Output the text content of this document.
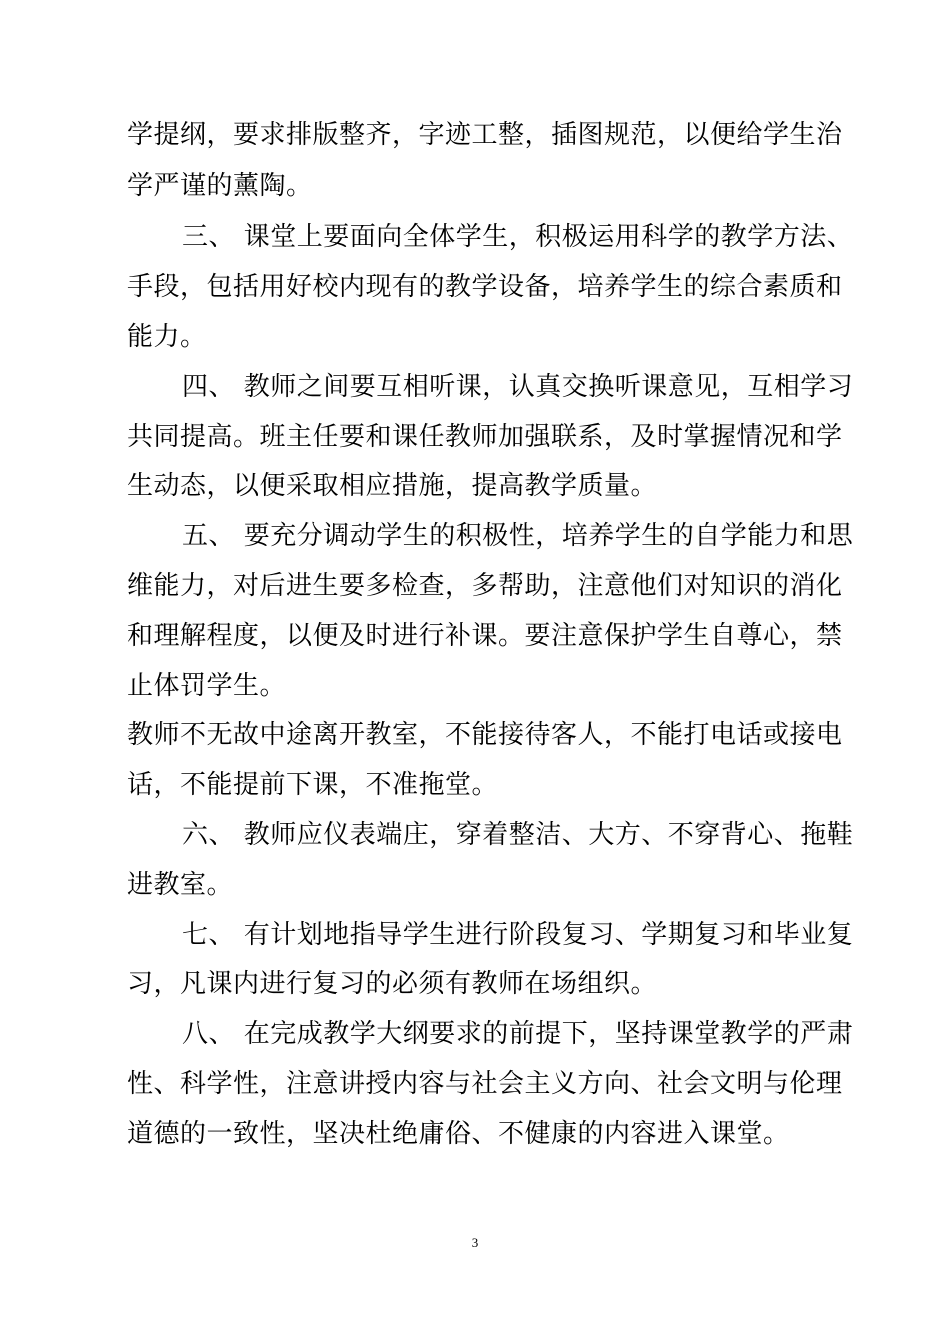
学提纲，要求排版整齐，字迹工整，插图规范，以便给学生治

学严谨的薰陶。

三、 课堂上要面向全体学生，积极运用科学的教学方法、

手段，包括用好校内现有的教学设备，培养学生的综合素质和

能力。

四、 教师之间要互相听课，认真交换听课意见，互相学习

共同提高。班主任要和课任教师加强联系，及时掌握情况和学

生动态，以便采取相应措施，提高教学质量。

五、 要充分调动学生的积极性，培养学生的自学能力和思

维能力，对后进生要多检查，多帮助，注意他们对知识的消化

和理解程度，以便及时进行补课。要注意保护学生自尊心，禁

止体罚学生。

教师不无故中途离开教室，不能接待客人，不能打电话或接电

话，不能提前下课，不准拖堂。

六、 教师应仪表端庄，穿着整洁、大方、不穿背心、拖鞋

进教室。

七、 有计划地指导学生进行阶段复习、学期复习和毕业复

习，凡课内进行复习的必须有教师在场组织。

八、 在完成教学大纲要求的前提下，坚持课堂教学的严肃

性、科学性，注意讲授内容与社会主义方向、社会文明与伦理

道德的一致性，坚决杜绝庸俗、不健康的内容进入课堂。

3
